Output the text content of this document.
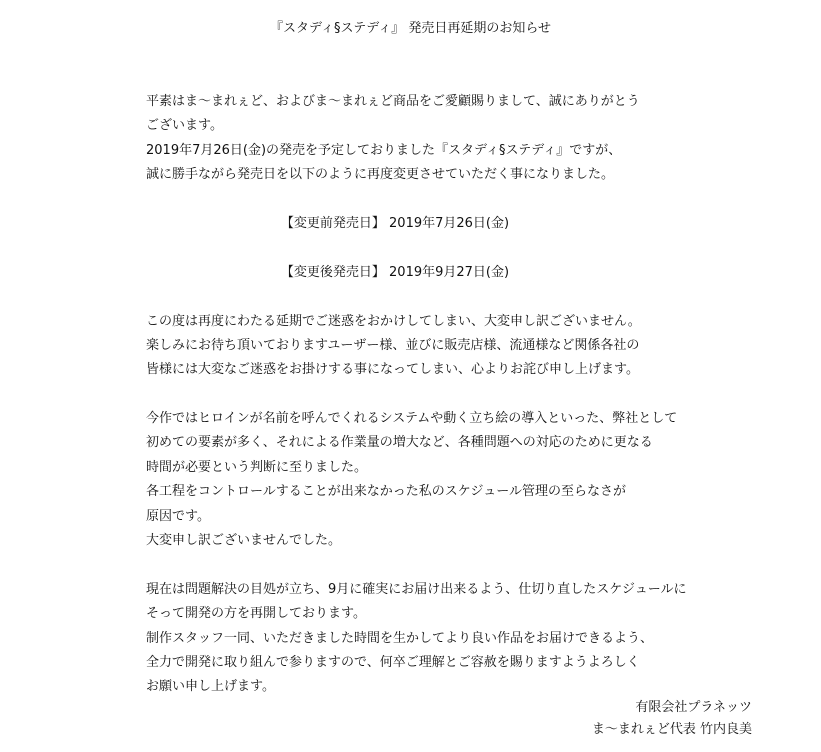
『スタディ§ステディ』 発売日再延期のお知らせ
平素はま～まれぇど、およびま～まれぇど商品をご愛顧賜りまして、誠にありがとう
ございます。
2019年7月26日(金)の発売を予定しておりました『スタディ§ステディ』ですが、
誠に勝手ながら発売日を以下のように再度変更させていただく事になりました。
【変更前発売日】 2019年7月26日(金)
【変更後発売日】 2019年9月27日(金)
この度は再度にわたる延期でご迷惑をおかけしてしまい、大変申し訳ございません。
楽しみにお待ち頂いておりますユーザー様、並びに販売店様、流通様など関係各社の
皆様には大変なご迷惑をお掛けする事になってしまい、心よりお詫び申し上げます。
今作ではヒロインが名前を呼んでくれるシステムや動く立ち絵の導入といった、弊社として
初めての要素が多く、それによる作業量の増大など、各種問題への対応のために更なる
時間が必要という判断に至りました。
各工程をコントロールすることが出来なかった私のスケジュール管理の至らなさが
原因です。
大変申し訳ございませんでした。
現在は問題解決の目処が立ち、9月に確実にお届け出来るよう、仕切り直したスケジュールに
そって開発の方を再開しております。
制作スタッフ一同、いただきました時間を生かしてより良い作品をお届けできるよう、
全力で開発に取り組んで参りますので、何卒ご理解とご容赦を賜りますようよろしく
お願い申し上げます。
有限会社プラネッツ
ま～まれぇど代表 竹内良美
